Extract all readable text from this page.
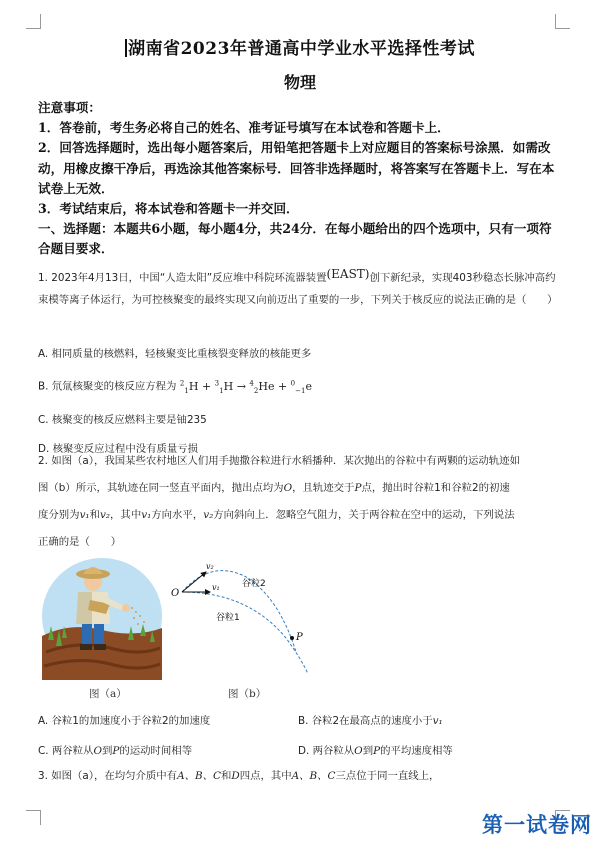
湖南省2023年普通高中学业水平选择性考试
物理

注意事项：

1．答卷前，考生务必将自己的姓名、准考证号填写在本试卷和答题卡上．

2．回答选择题时，选出每小题答案后，用铅笔把答题卡上对应题目的答案标号涂黑．如需改动，用橡皮擦干净后，再选涂其他答案标号．回答非选择题时，将答案写在答题卡上．写在本试卷上无效．

3．考试结束后，将本试卷和答题卡一并交回．

一、选择题：本题共6小题，每小题4分，共24分．在每小题给出的四个选项中，只有一项符合题目要求．

1. 2023年4月13日，中国“人造太阳”反应堆中科院环流器装置(EAST)创下新纪录，实现403秒稳态长脉冲高约束模等离子体运行，为可控核聚变的最终实现又向前迈出了重要的一步，下列关于核反应的说法正确的是（　　）

A. 相同质量的核燃料，轻核聚变比重核裂变释放的核能更多

B. 氘氚核聚变的核反应方程为 $^2_1$H + $^3_1$H → $^4_2$He + $^0_{-1}$e

C. 核聚变的核反应燃料主要是铀235

D. 核聚变反应过程中没有质量亏损

2. 如图（a），我国某些农村地区人们用手抛撒谷粒进行水稻播种．某次抛出的谷粒中有两颗的运动轨迹如

图（b）所示，其轨迹在同一竖直平面内，抛出点均为O，且轨迹交于P点，抛出时谷粒1和谷粒2的初速

度分别为v₁和v₂，其中v₁方向水平，v₂方向斜向上．忽略空气阻力，关于两谷粒在空中的运动，下列说法

正确的是（　　）

O
v₁
v₂
谷粒2
谷粒1
P
图（a）	图（b）
A. 谷粒1的加速度小于谷粒2的加速度	B. 谷粒2在最高点的速度小于v₁
C. 两谷粒从O到P的运动时间相等	D. 两谷粒从O到P的平均速度相等
3. 如图（a），在均匀介质中有A、B、C和D四点，其中A、B、C三点位于同一直线上，
第一试卷网
